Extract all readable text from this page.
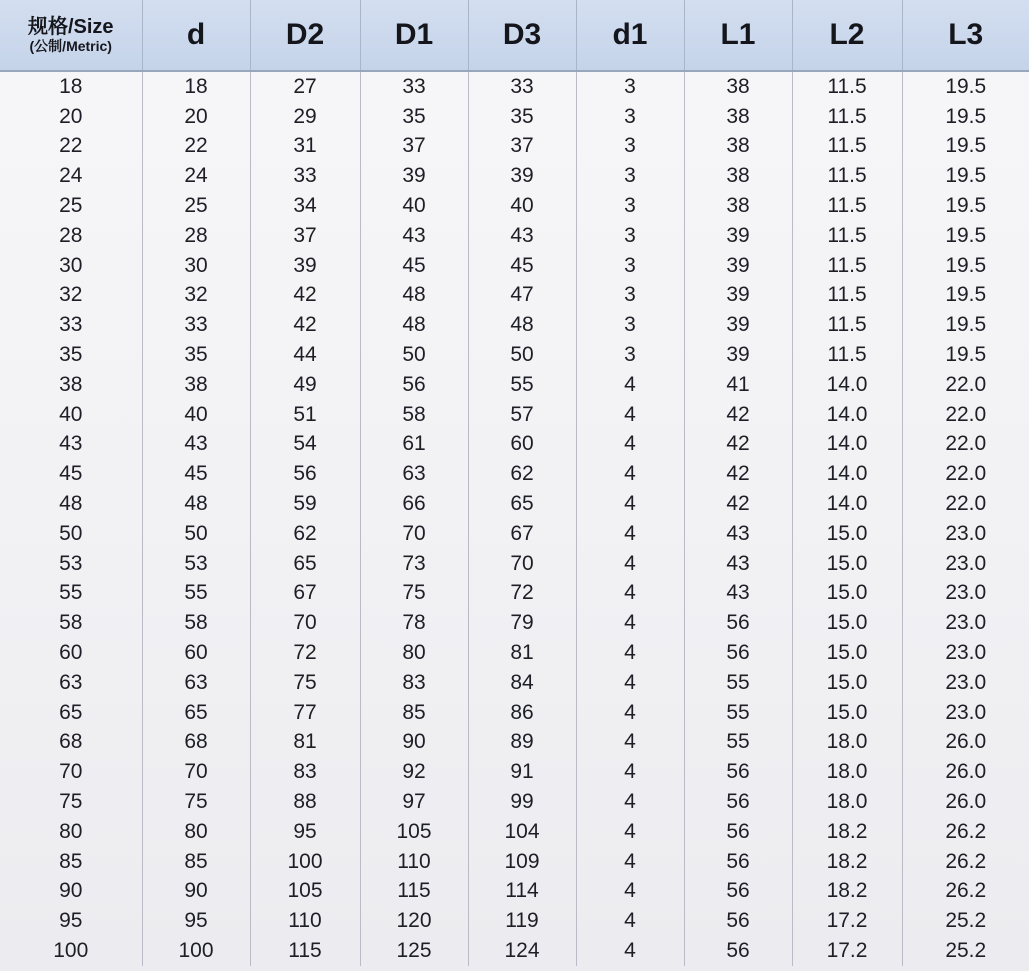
规格/Size
(公制/Metric)	d	D2	D1	D3	d1	L1	L2	L3
18	18	27	33	33	3	38	11.5	19.5
20	20	29	35	35	3	38	11.5	19.5
22	22	31	37	37	3	38	11.5	19.5
24	24	33	39	39	3	38	11.5	19.5
25	25	34	40	40	3	38	11.5	19.5
28	28	37	43	43	3	39	11.5	19.5
30	30	39	45	45	3	39	11.5	19.5
32	32	42	48	47	3	39	11.5	19.5
33	33	42	48	48	3	39	11.5	19.5
35	35	44	50	50	3	39	11.5	19.5
38	38	49	56	55	4	41	14.0	22.0
40	40	51	58	57	4	42	14.0	22.0
43	43	54	61	60	4	42	14.0	22.0
45	45	56	63	62	4	42	14.0	22.0
48	48	59	66	65	4	42	14.0	22.0
50	50	62	70	67	4	43	15.0	23.0
53	53	65	73	70	4	43	15.0	23.0
55	55	67	75	72	4	43	15.0	23.0
58	58	70	78	79	4	56	15.0	23.0
60	60	72	80	81	4	56	15.0	23.0
63	63	75	83	84	4	55	15.0	23.0
65	65	77	85	86	4	55	15.0	23.0
68	68	81	90	89	4	55	18.0	26.0
70	70	83	92	91	4	56	18.0	26.0
75	75	88	97	99	4	56	18.0	26.0
80	80	95	105	104	4	56	18.2	26.2
85	85	100	110	109	4	56	18.2	26.2
90	90	105	115	114	4	56	18.2	26.2
95	95	110	120	119	4	56	17.2	25.2
100	100	115	125	124	4	56	17.2	25.2
